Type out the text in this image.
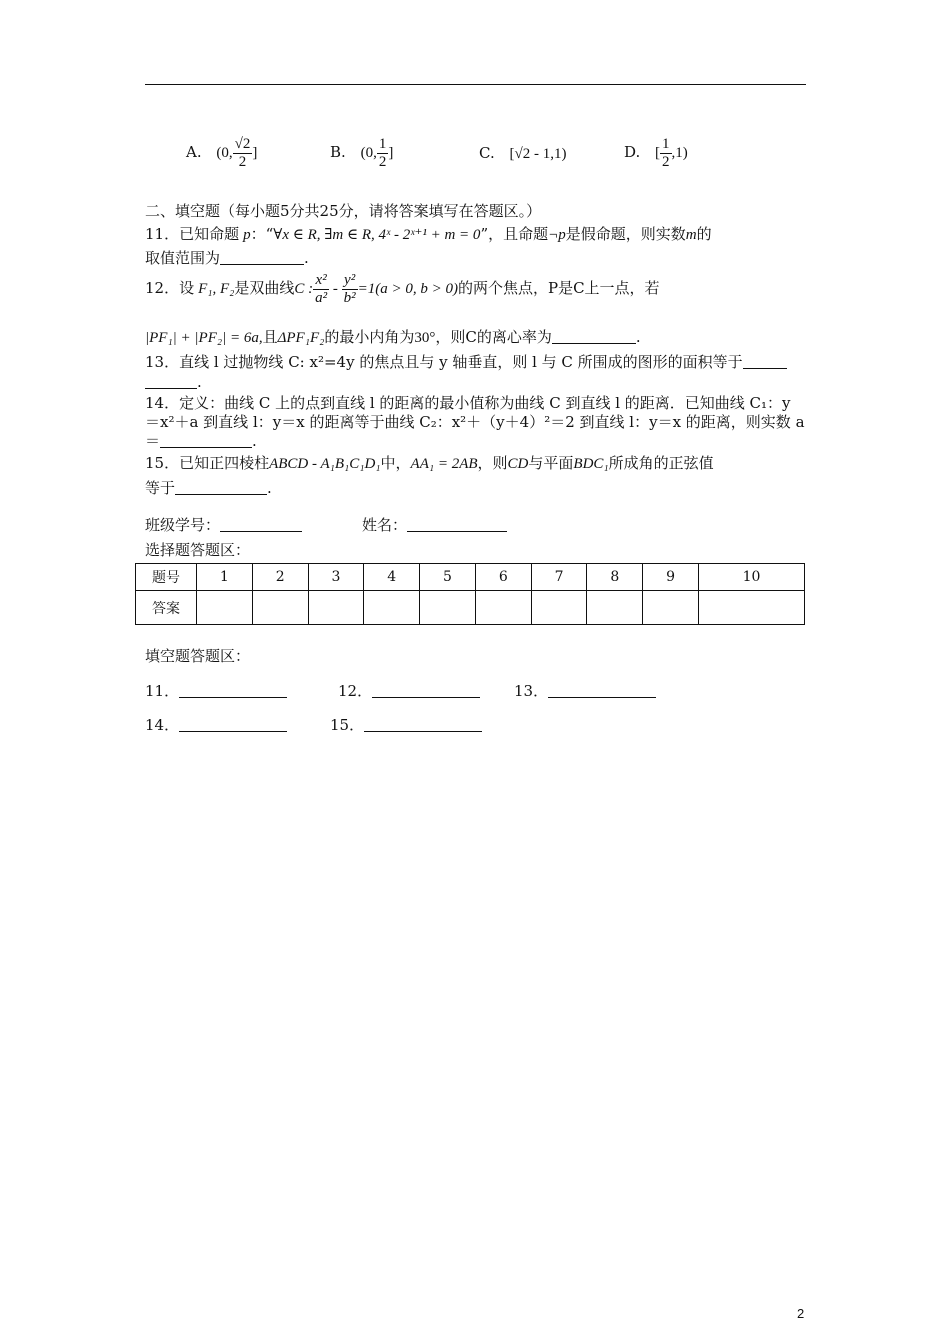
A. (0, $\frac{√2}{2}$ ]	B. (0, $\frac{1}{2}$ ]	C. [√2 - 1,1)	D. [ $\frac{1}{2} ,1$)
二、填空题（每小题5分共25分，请将答案填写在答题区。）
11．已知命题 p：“∀x ∈ R, ∃m ∈ R, 4ˣ - 2ˣ⁺¹ + m = 0”，且命题¬p是假命题，则实数m的
取值范围为	.
12．设 F₁, F₂是双曲线C : $\frac{\text{x²}}{\text{a²}} - \frac{\text{y²}}{\text{b²}} =1(a > 0$, b > 0)的两个焦点，P是C上一点，若
|PF₁| + |PF₂| = 6a,且ΔPF₁F₂的最小内角为30°，则C的离心率为	.
13．直线 l 过抛物线 C: x²=4y 的焦点且与 y 轴垂直，则 l 与 C 所围成的图形的面积等于
.
14．定义：曲线 C 上的点到直线 l 的距离的最小值称为曲线 C 到直线 l 的距离．已知曲线 C₁：y
＝x²＋a 到直线 l：y＝x 的距离等于曲线 C₂：x²＋（y＋4）²＝2 到直线 l：y＝x 的距离，则实数 a
＝	.
15．已知正四棱柱ABCD - A₁B₁C₁D₁中，AA₁ = 2AB，则CD与平面BDC₁所成角的正弦值
等于	.
班级学号：	姓名：
选择题答题区：
题号	1	2	3	4	5	6	7	8	9	10
答案										
填空题答题区：
11．	12．	13．
14．	15．
2
